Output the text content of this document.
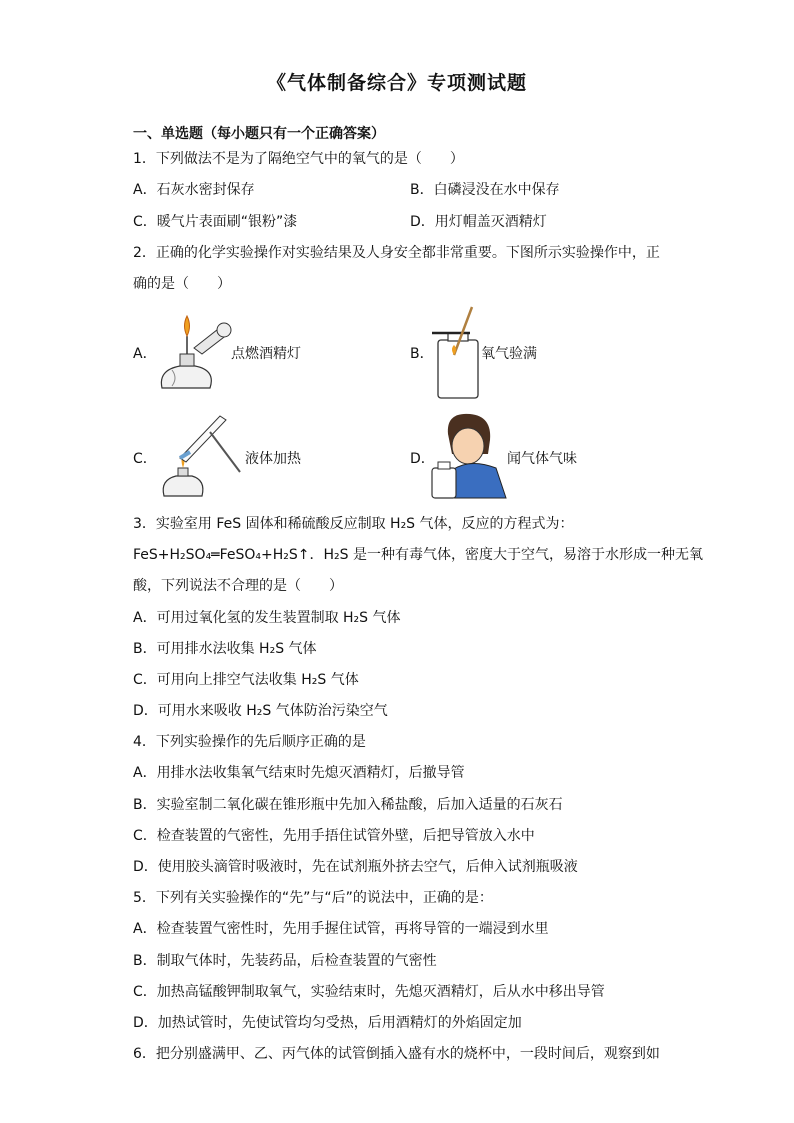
《气体制备综合》专项测试题
一、单选题（每小题只有一个正确答案）
1．下列做法不是为了隔绝空气中的氧气的是（　　）
A．石灰水密封保存	B．白磷浸没在水中保存
C．暖气片表面刷“银粉”漆	D．用灯帽盖灭酒精灯
2．正确的化学实验操作对实验结果及人身安全都非常重要。下图所示实验操作中，正
确的是（　　）
A．	点燃酒精灯	B．	氧气验满
C．	液体加热	D．	闻气体气味
3．实验室用 FeS 固体和稀硫酸反应制取 H₂S 气体，反应的方程式为：
FeS+H₂SO₄═FeSO₄+H₂S↑．H₂S 是一种有毒气体，密度大于空气，易溶于水形成一种无氧
酸，下列说法不合理的是（　　）
A．可用过氧化氢的发生装置制取 H₂S 气体
B．可用排水法收集 H₂S 气体
C．可用向上排空气法收集 H₂S 气体
D．可用水来吸收 H₂S 气体防治污染空气
4．下列实验操作的先后顺序正确的是
A．用排水法收集氧气结束时先熄灭酒精灯，后撤导管
B．实验室制二氧化碳在锥形瓶中先加入稀盐酸，后加入适量的石灰石
C．检查装置的气密性，先用手捂住试管外壁，后把导管放入水中
D．使用胶头滴管时吸液时，先在试剂瓶外挤去空气，后伸入试剂瓶吸液
5．下列有关实验操作的“先”与“后”的说法中，正确的是：
A．检查装置气密性时，先用手握住试管，再将导管的一端浸到水里
B．制取气体时，先装药品，后检查装置的气密性
C．加热高锰酸钾制取氧气，实验结束时，先熄灭酒精灯，后从水中移出导管
D．加热试管时，先使试管均匀受热，后用酒精灯的外焰固定加
6．把分别盛满甲、乙、丙气体的试管倒插入盛有水的烧杯中，一段时间后，观察到如
